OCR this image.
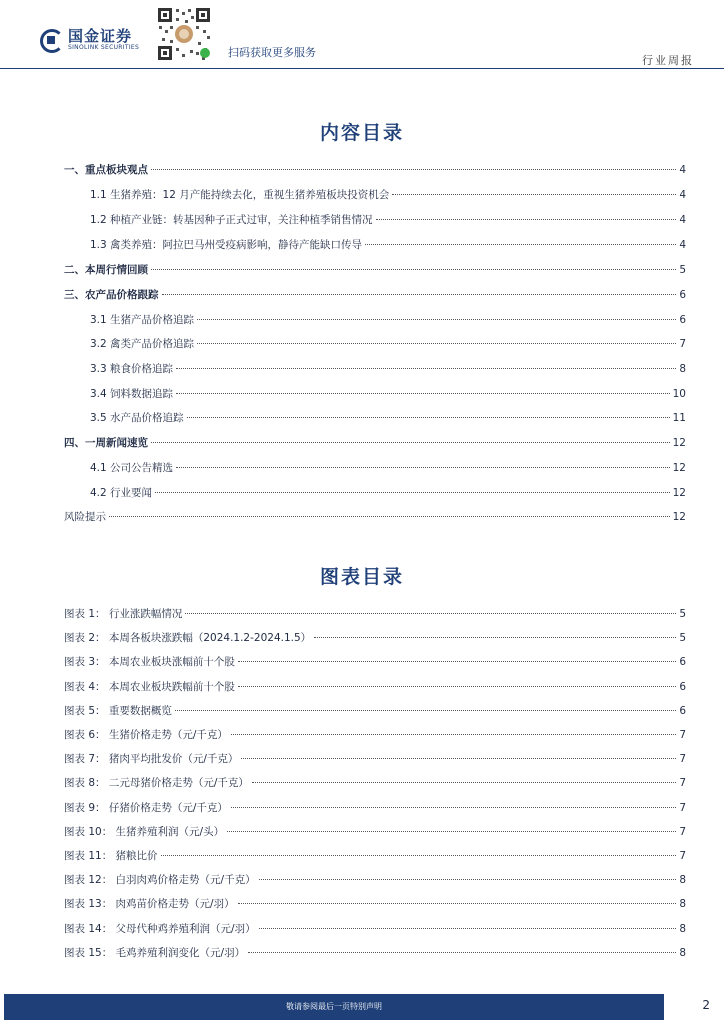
国金证券
SINOLINK SECURITIES	扫码获取更多服务
行业周报
内容目录
一、重点板块观点	4
1.1 生猪养殖：12 月产能持续去化，重视生猪养殖板块投资机会	4
1.2 种植产业链：转基因种子正式过审，关注种植季销售情况	4
1.3 禽类养殖：阿拉巴马州受疫病影响，静待产能缺口传导	4
二、本周行情回顾	5
三、农产品价格跟踪	6
3.1 生猪产品价格追踪	6
3.2 禽类产品价格追踪	7
3.3 粮食价格追踪	8
3.4 饲料数据追踪	10
3.5 水产品价格追踪	11
四、一周新闻速览	12
4.1 公司公告精选	12
4.2 行业要闻	12
风险提示	12
图表目录
图表 1： 行业涨跌幅情况	5
图表 2： 本周各板块涨跌幅（2024.1.2-2024.1.5）	5
图表 3： 本周农业板块涨幅前十个股	6
图表 4： 本周农业板块跌幅前十个股	6
图表 5： 重要数据概览	6
图表 6： 生猪价格走势（元/千克）	7
图表 7： 猪肉平均批发价（元/千克）	7
图表 8： 二元母猪价格走势（元/千克）	7
图表 9： 仔猪价格走势（元/千克）	7
图表 10： 生猪养殖利润（元/头）	7
图表 11： 猪粮比价	7
图表 12： 白羽肉鸡价格走势（元/千克）	8
图表 13： 肉鸡苗价格走势（元/羽）	8
图表 14： 父母代种鸡养殖利润（元/羽）	8
图表 15： 毛鸡养殖利润变化（元/羽）	8
敬请参阅最后一页特别声明	2
